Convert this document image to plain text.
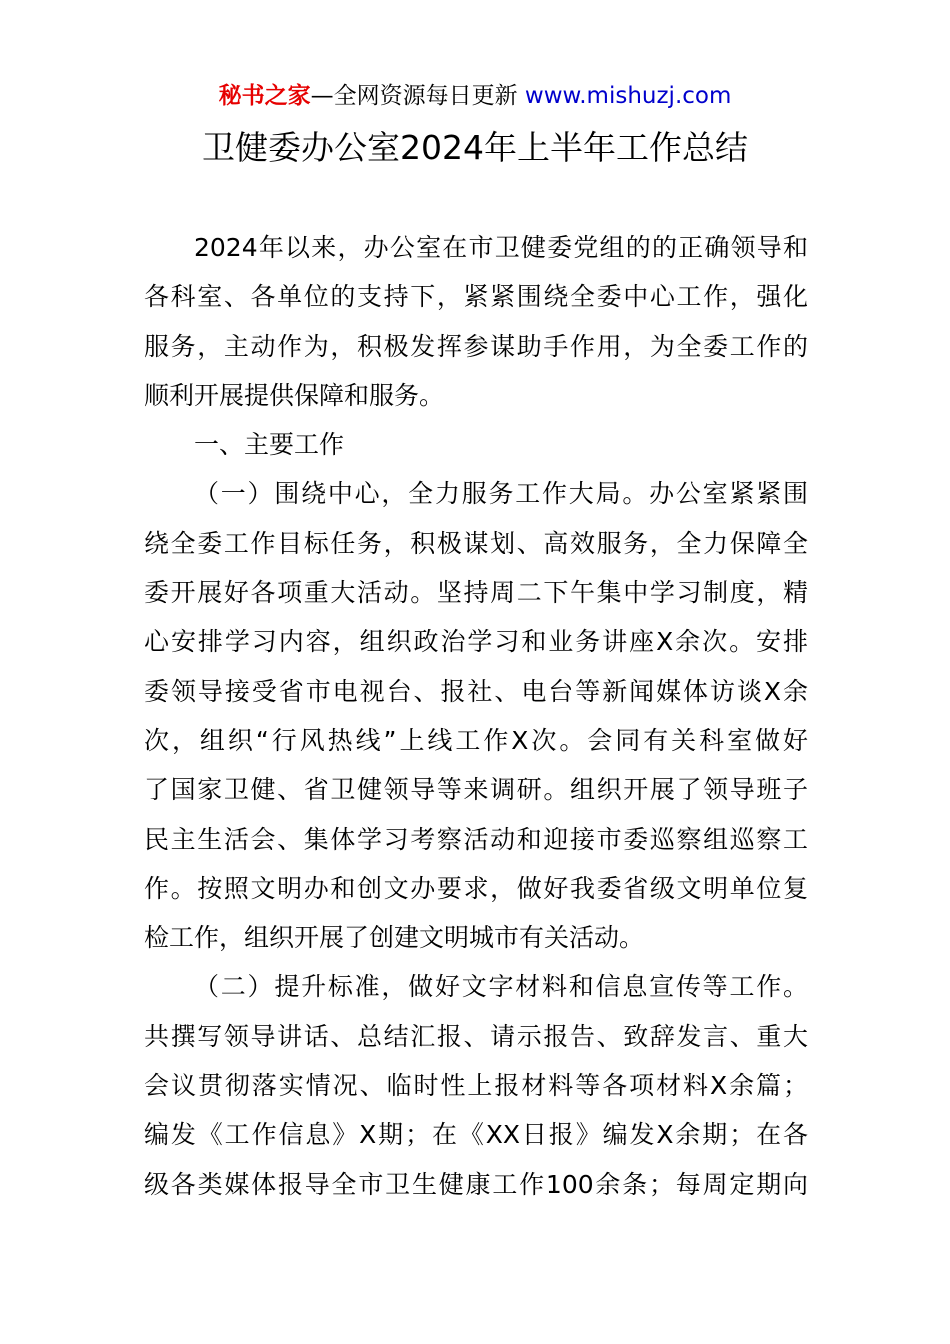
秘书之家—全网资源每日更新 www.mishuzj.com
卫健委办公室2024年上半年工作总结
2024年以来，办公室在市卫健委党组的的正确领导和
各科室、各单位的支持下，紧紧围绕全委中心工作，强化
服务，主动作为，积极发挥参谋助手作用，为全委工作的
顺利开展提供保障和服务。
一、主要工作
（一）围绕中心，全力服务工作大局。办公室紧紧围
绕全委工作目标任务，积极谋划、高效服务，全力保障全
委开展好各项重大活动。坚持周二下午集中学习制度，精
心安排学习内容，组织政治学习和业务讲座X余次。安排
委领导接受省市电视台、报社、电台等新闻媒体访谈X余
次，组织“行风热线”上线工作X次。会同有关科室做好
了国家卫健、省卫健领导等来调研。组织开展了领导班子
民主生活会、集体学习考察活动和迎接市委巡察组巡察工
作。按照文明办和创文办要求，做好我委省级文明单位复
检工作，组织开展了创建文明城市有关活动。
（二）提升标准，做好文字材料和信息宣传等工作。
共撰写领导讲话、总结汇报、请示报告、致辞发言、重大
会议贯彻落实情况、临时性上报材料等各项材料X余篇；
编发《工作信息》X期；在《XX日报》编发X余期；在各
级各类媒体报导全市卫生健康工作100余条；每周定期向
